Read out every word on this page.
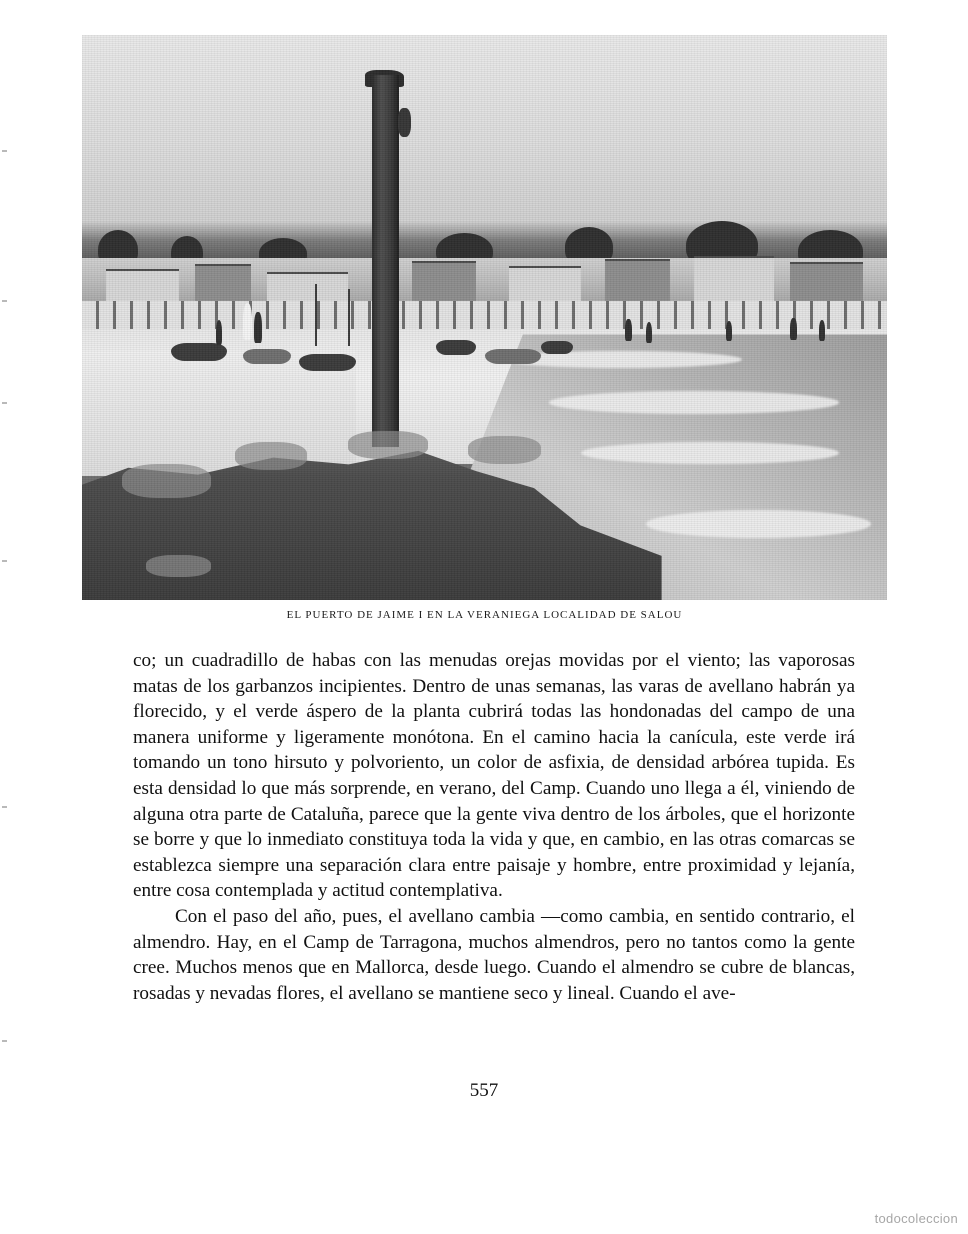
EL PUERTO DE JAIME I EN LA VERANIEGA LOCALIDAD DE SALOU

co; un cuadradillo de habas con las menudas orejas movidas por el viento; las vaporosas matas de los garbanzos incipientes. Dentro de unas semanas, las varas de avellano habrán ya florecido, y el verde áspero de la planta cubrirá todas las hondonadas del campo de una manera uniforme y ligeramente monótona. En el camino hacia la canícula, este verde irá tomando un tono hirsuto y polvoriento, un color de asfixia, de densidad arbórea tupida. Es esta densidad lo que más sorprende, en verano, del Camp. Cuando uno llega a él, viniendo de alguna otra parte de Cataluña, parece que la gente viva dentro de los árboles, que el horizonte se borre y que lo inmediato constituya toda la vida y que, en cambio, en las otras comarcas se establezca siempre una separación clara entre paisaje y hombre, entre proximidad y lejanía, entre cosa contemplada y actitud contemplativa.

Con el paso del año, pues, el avellano cambia —como cambia, en sentido contrario, el almendro. Hay, en el Camp de Tarragona, muchos almendros, pero no tantos como la gente cree. Muchos menos que en Mallorca, desde luego. Cuando el almendro se cubre de blancas, rosadas y nevadas flores, el avellano se mantiene seco y lineal. Cuando el ave-

557
todocoleccion
